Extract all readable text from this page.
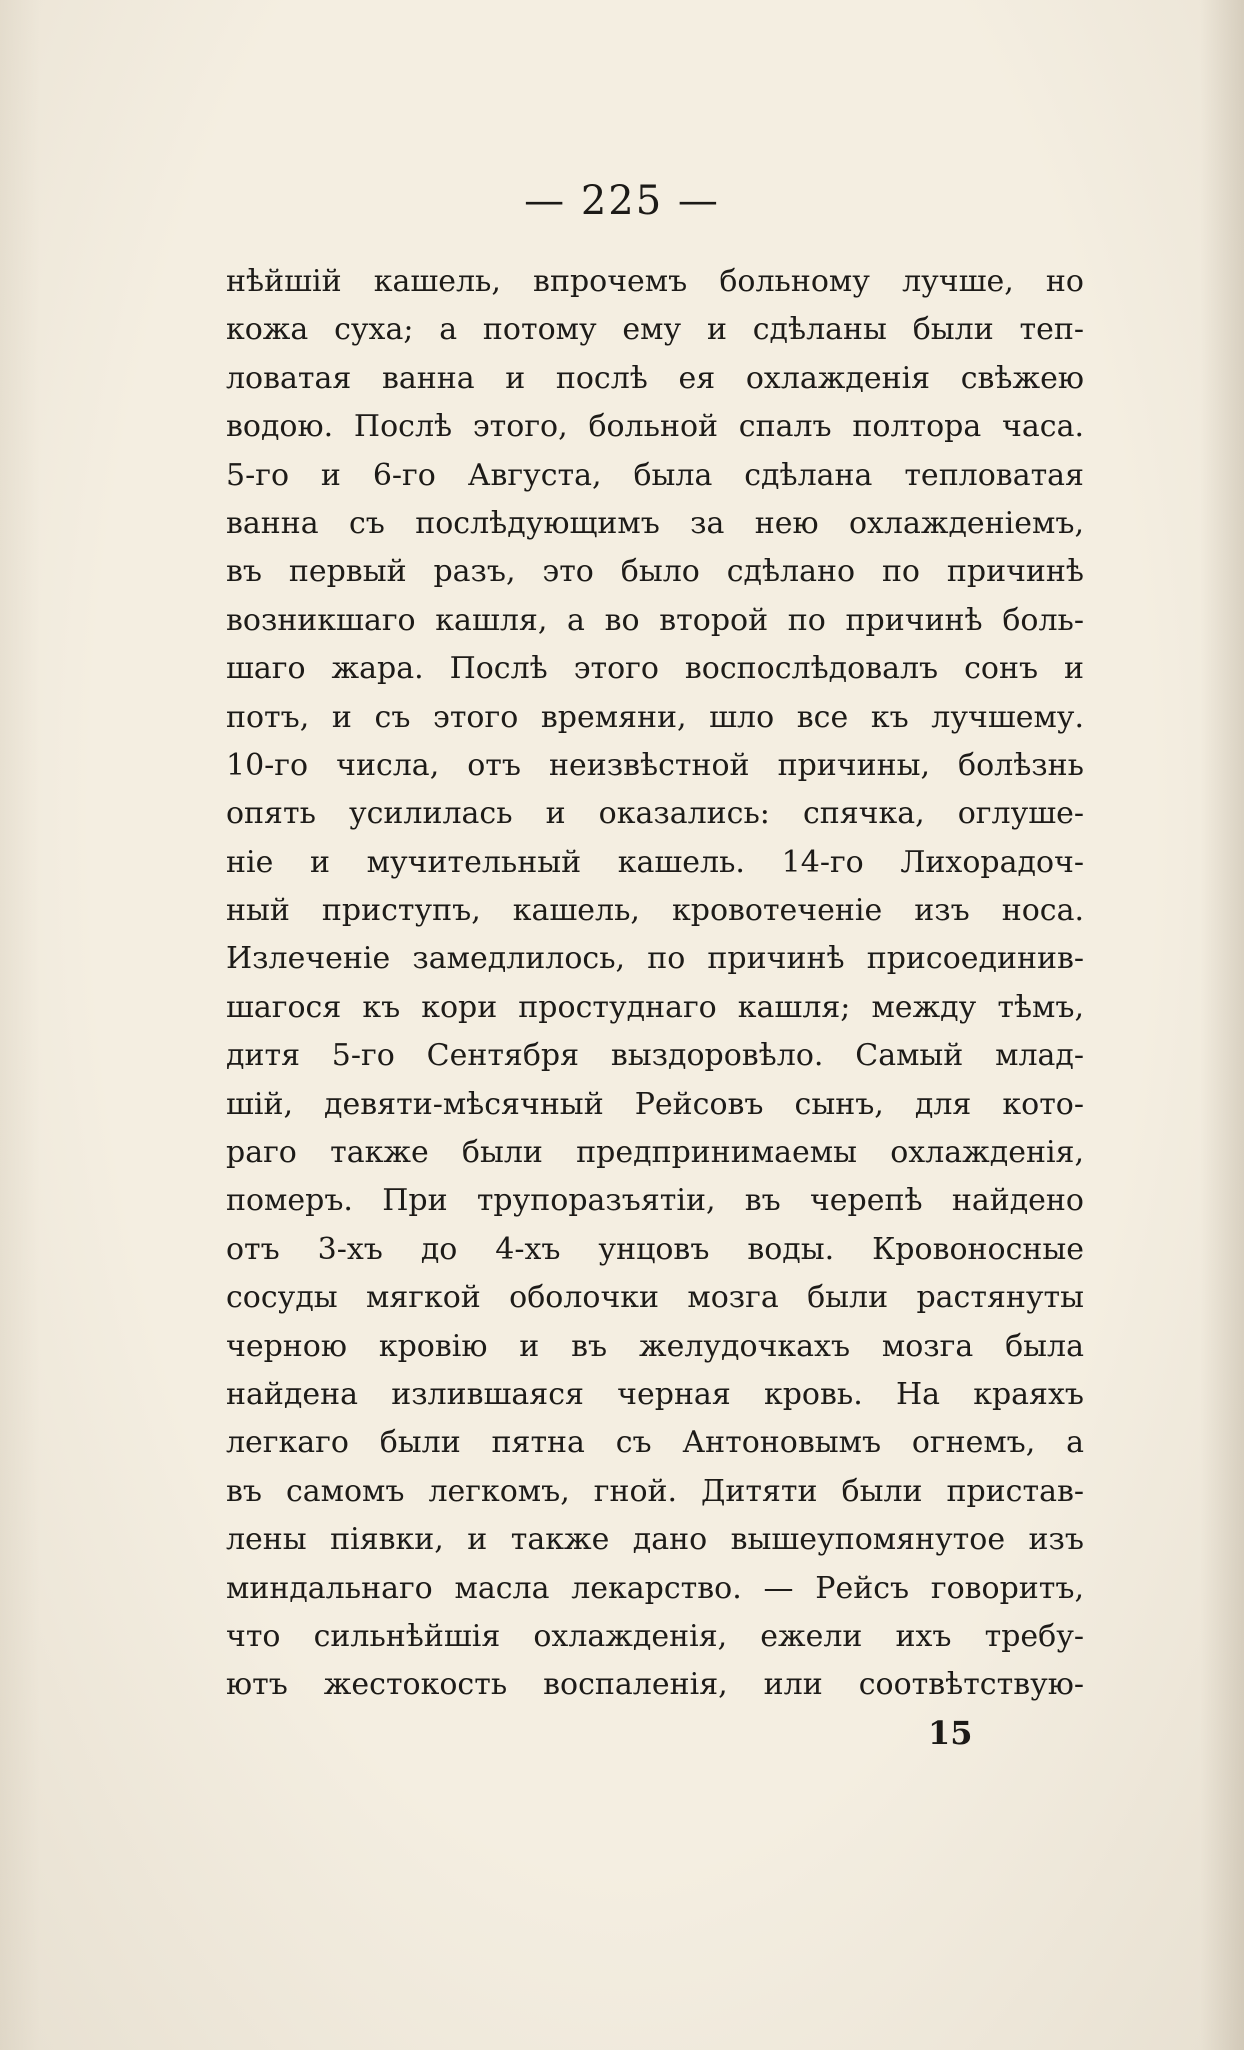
— 225 —
нѣйшій кашель, впрочемъ больному лучше, но
кожа суха; а потому ему и сдѣланы были теп-
ловатая ванна и послѣ ея охлажденія свѣжею
водою. Послѣ этого, больной спалъ полтора часа.
5-го и 6-го Августа, была сдѣлана тепловатая
ванна съ послѣдующимъ за нею охлажденіемъ,
въ первый разъ, это было сдѣлано по причинѣ
возникшаго кашля, а во второй по причинѣ боль-
шаго жара. Послѣ этого воспослѣдовалъ сонъ и
потъ, и съ этого времяни, шло все къ лучшему.
10-го числа, отъ неизвѣстной причины, болѣзнь
опять усилилась и оказались: спячка, оглуше-
ніе и мучительный кашель. 14-го Лихорадоч-
ный приступъ, кашель, кровотеченіе изъ носа.
Излеченіе замедлилось, по причинѣ присоединив-
шагося къ кори простуднаго кашля; между тѣмъ,
дитя 5-го Сентября выздоровѣло. Самый млад-
шій, девяти-мѣсячный Рейсовъ сынъ, для кото-
раго также были предпринимаемы охлажденія,
померъ. При трупоразъятіи, въ черепѣ найдено
отъ 3-хъ до 4-хъ унцовъ воды. Кровоносные
сосуды мягкой оболочки мозга были растянуты
черною кровію и въ желудочкахъ мозга была
найдена излившаяся черная кровь. На краяхъ
легкаго были пятна съ Антоновымъ огнемъ, а
въ самомъ легкомъ, гной. Дитяти были пристав-
лены піявки, и также дано вышеупомянутое изъ
миндальнаго масла лекарство. — Рейсъ говоритъ,
что сильнѣйшія охлажденія, ежели ихъ требу-
ютъ жестокость воспаленія, или соотвѣтствую-
15
